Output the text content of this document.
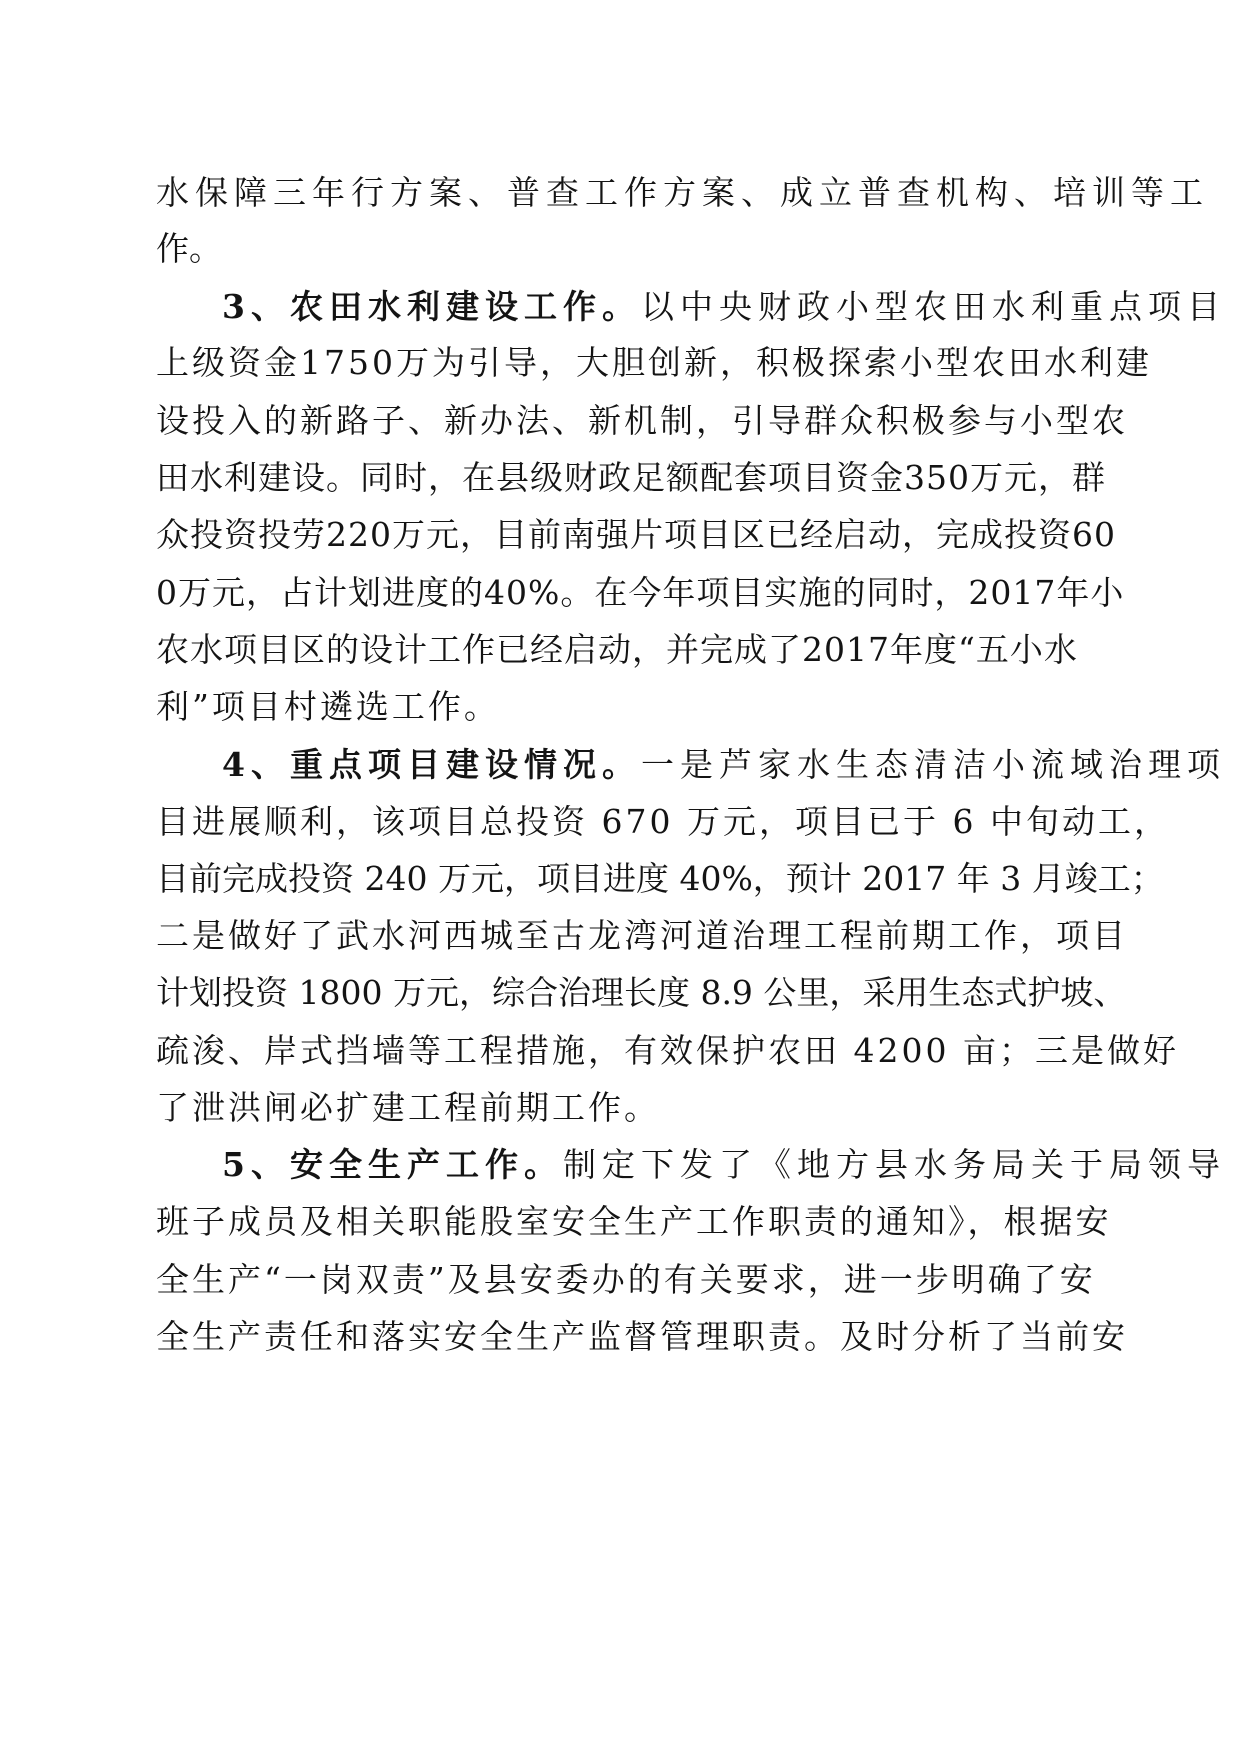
水保障三年行方案、普查工作方案、成立普查机构、培训等工
作。
3、农田水利建设工作。以中央财政小型农田水利重点项目
上级资金1750万为引导，大胆创新，积极探索小型农田水利建
设投入的新路子、新办法、新机制，引导群众积极参与小型农
田水利建设。同时，在县级财政足额配套项目资金350万元，群
众投资投劳220万元，目前南强片项目区已经启动，完成投资60
0万元，占计划进度的40%。在今年项目实施的同时，2017年小
农水项目区的设计工作已经启动，并完成了2017年度“五小水
利”项目村遴选工作。
4、重点项目建设情况。一是芦家水生态清洁小流域治理项
目进展顺利，该项目总投资 670 万元，项目已于 6 中旬动工，
目前完成投资 240 万元，项目进度 40%，预计 2017 年 3 月竣工；
二是做好了武水河西城至古龙湾河道治理工程前期工作，项目
计划投资 1800 万元，综合治理长度 8.9 公里，采用生态式护坡、
疏浚、岸式挡墙等工程措施，有效保护农田 4200 亩；三是做好
了泄洪闸必扩建工程前期工作。
5、安全生产工作。制定下发了《地方县水务局关于局领导
班子成员及相关职能股室安全生产工作职责的通知》，根据安
全生产“一岗双责”及县安委办的有关要求，进一步明确了安
全生产责任和落实安全生产监督管理职责。及时分析了当前安
